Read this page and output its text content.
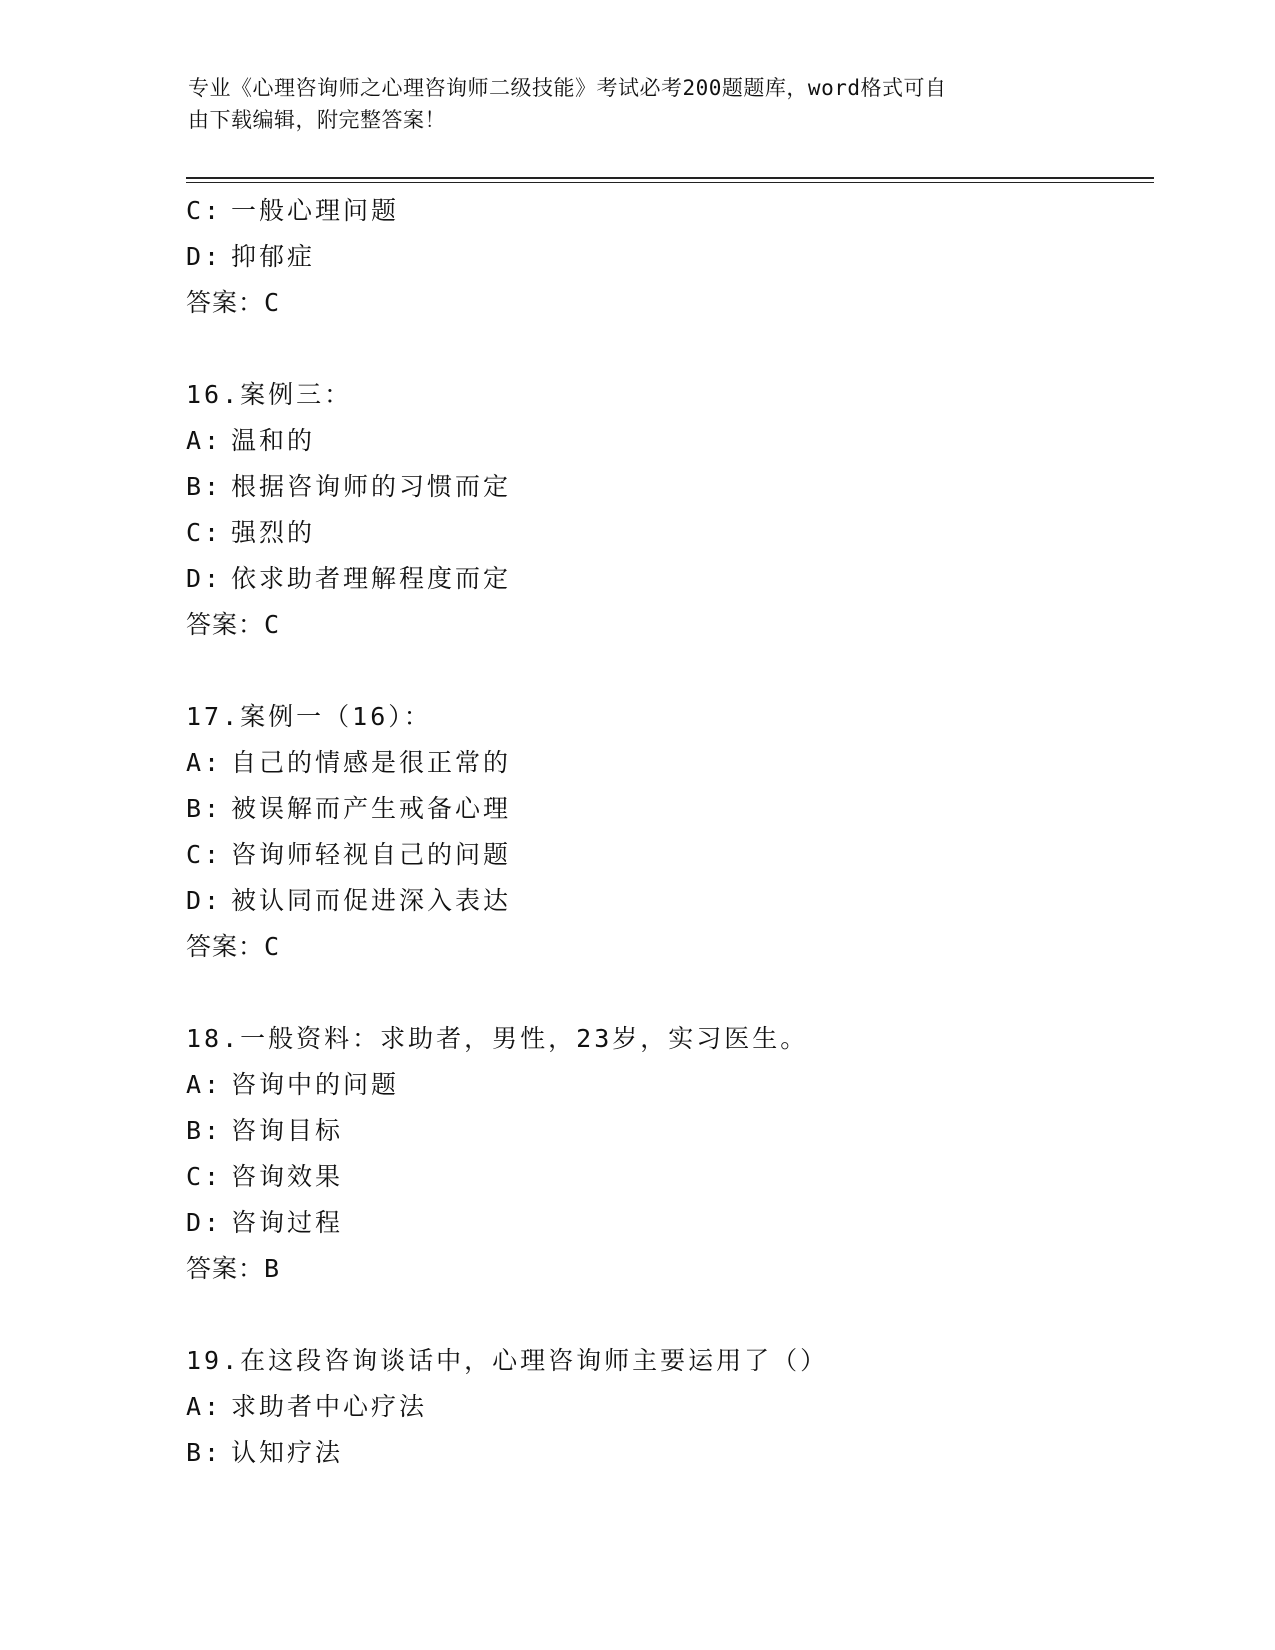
专业《心理咨询师之心理咨询师二级技能》考试必考200题题库，word格式可自
由下载编辑，附完整答案！
C: 一般心理问题
D: 抑郁症
答案：C
16.案例三：
A: 温和的
B: 根据咨询师的习惯而定
C: 强烈的
D: 依求助者理解程度而定
答案：C
17.案例一（16）：
A: 自己的情感是很正常的
B: 被误解而产生戒备心理
C: 咨询师轻视自己的问题
D: 被认同而促进深入表达
答案：C
18.一般资料：求助者，男性，23岁，实习医生。
A: 咨询中的问题
B: 咨询目标
C: 咨询效果
D: 咨询过程
答案：B
19.在这段咨询谈话中，心理咨询师主要运用了（）
A: 求助者中心疗法
B: 认知疗法
